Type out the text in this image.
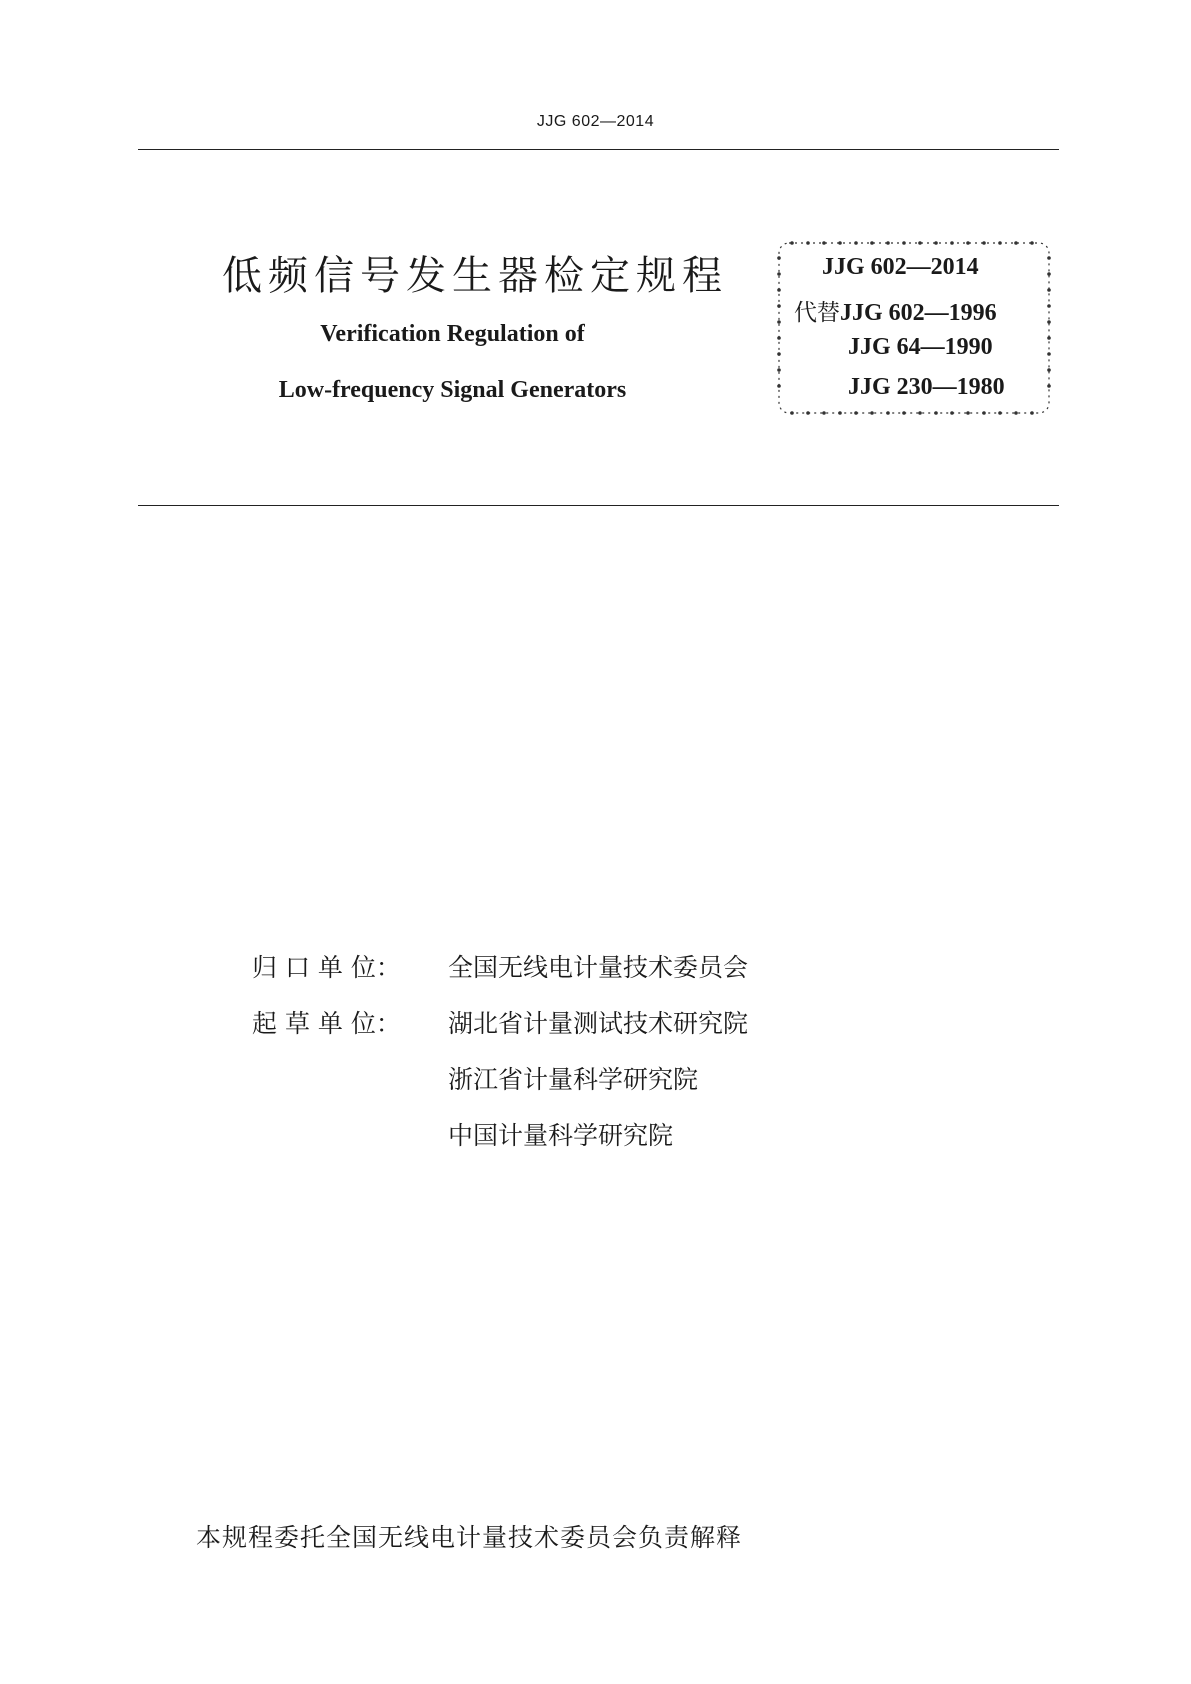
JJG 602—2014
低频信号发生器检定规程
Verification Regulation of
Low-frequency Signal Generators
JJG 602—2014
代替JJG 602—1996
JJG 64—1990
JJG 230—1980
归 口 单 位： 全国无线电计量技术委员会
起 草 单 位： 湖北省计量测试技术研究院
浙江省计量科学研究院
中国计量科学研究院
本规程委托全国无线电计量技术委员会负责解释
